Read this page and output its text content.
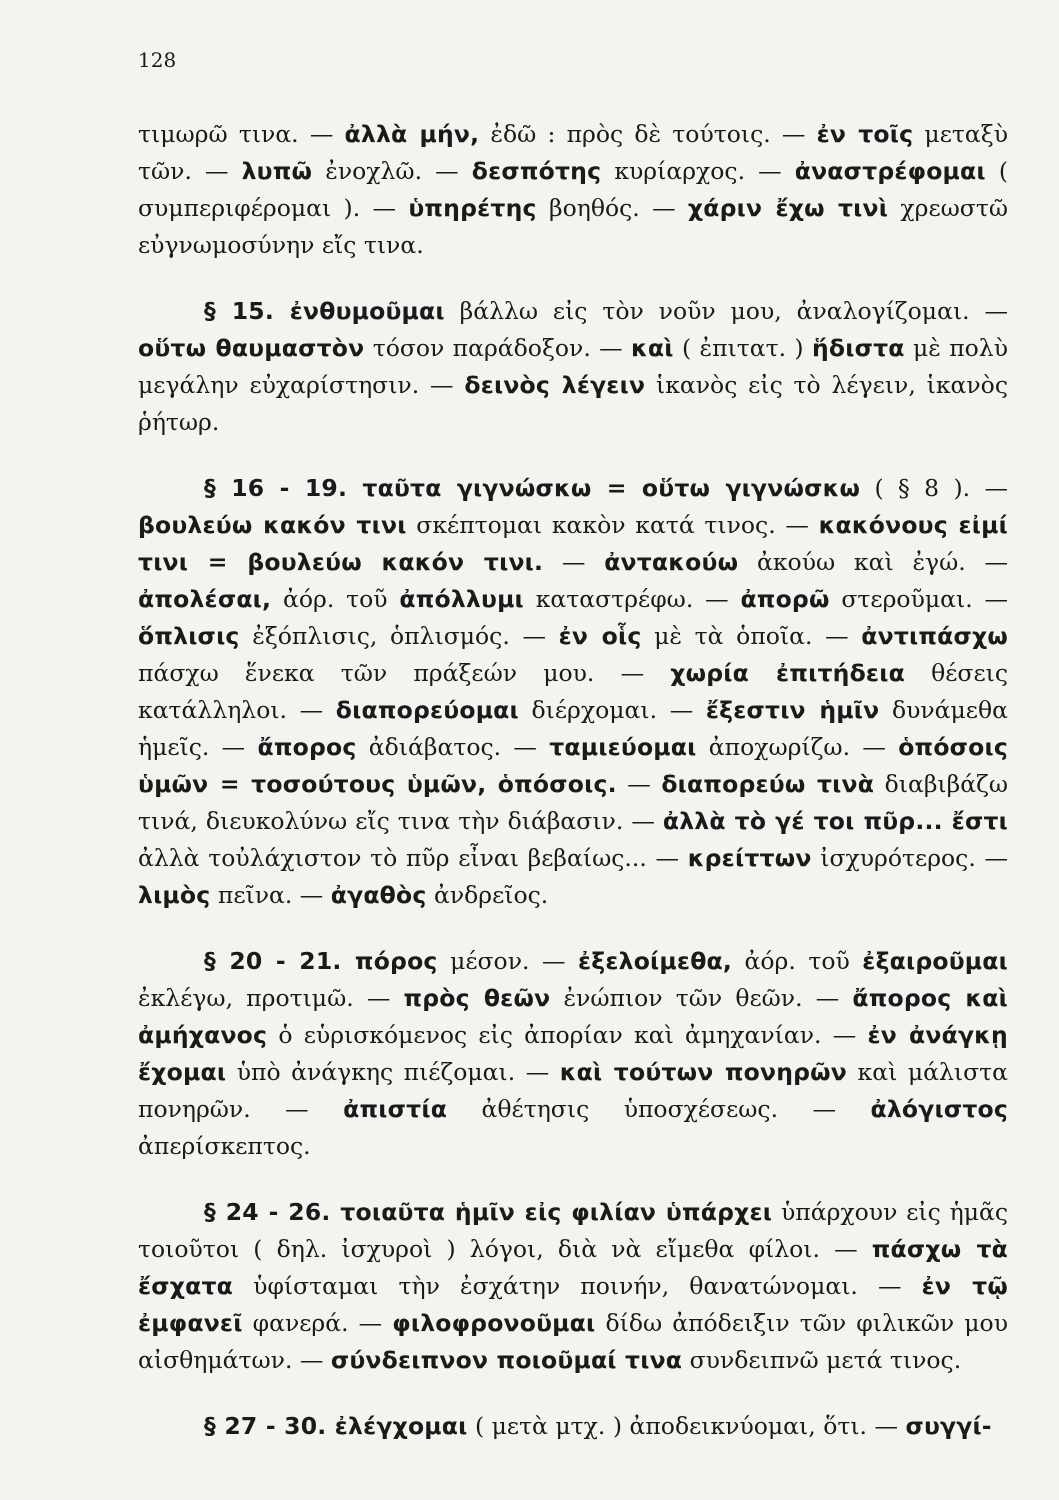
128

τιμωρῶ τινα. — ἀλλὰ μήν, ἐδῶ : πρὸς δὲ τούτοις. — ἐν τοῖς μεταξὺ τῶν. — λυπῶ ἐνοχλῶ. — δεσπότης κυρίαρχος. — ἀναστρέφομαι ( συμπεριφέρομαι ). — ὑπηρέτης βοηθός. — χάριν ἔχω τινὶ χρεωστῶ εὐγνωμοσύνην εἴς τινα.

§ 15. ἐνθυμοῦμαι βάλλω εἰς τὸν νοῦν μου, ἀναλογίζομαι. — οὕτω θαυμαστὸν τόσον παράδοξον. — καὶ ( ἐπιτατ. ) ἥδιστα μὲ πολὺ μεγάλην εὐχαρίστησιν. — δεινὸς λέγειν ἱκανὸς εἰς τὸ λέγειν, ἱκανὸς ῥήτωρ.

§ 16 - 19. ταῦτα γιγνώσκω = οὕτω γιγνώσκω ( § 8 ). — βουλεύω κακόν τινι σκέπτομαι κακὸν κατά τινος. — κακόνους εἰμί τινι = βουλεύω κακόν τινι. — ἀντακούω ἀκούω καὶ ἐγώ. — ἀπολέσαι, ἀόρ. τοῦ ἀπόλλυμι καταστρέφω. — ἀπορῶ στεροῦμαι. — ὅπλισις ἐξόπλισις, ὁπλισμός. — ἐν οἷς μὲ τὰ ὁποῖα. — ἀντιπάσχω πάσχω ἕνεκα τῶν πράξεών μου. — χωρία ἐπιτήδεια θέσεις κατάλληλοι. — διαπορεύομαι διέρχομαι. — ἔξεστιν ἡμῖν δυνάμεθα ἡμεῖς. — ἄπορος ἀδιάβατος. — ταμιεύομαι ἀποχωρίζω. — ὁπόσοις ὑμῶν = τοσούτους ὑμῶν, ὁπόσοις. — διαπορεύω τινὰ διαβιβάζω τινά, διευκολύνω εἴς τινα τὴν διάβασιν. — ἀλλὰ τὸ γέ τοι πῦρ... ἔστι ἀλλὰ τοὐλάχιστον τὸ πῦρ εἶναι βεβαίως... — κρείττων ἰσχυρότερος. — λιμὸς πεῖνα. — ἀγαθὸς ἀνδρεῖος.

§ 20 - 21. πόρος μέσον. — ἐξελοίμεθα, ἀόρ. τοῦ ἐξαιροῦμαι ἐκλέγω, προτιμῶ. — πρὸς θεῶν ἐνώπιον τῶν θεῶν. — ἄπορος καὶ ἀμήχανος ὁ εὑρισκόμενος εἰς ἀπορίαν καὶ ἀμηχανίαν. — ἐν ἀνάγκῃ ἔχομαι ὑπὸ ἀνάγκης πιέζομαι. — καὶ τούτων πονηρῶν καὶ μάλιστα πονηρῶν. — ἀπιστία ἀθέτησις ὑποσχέσεως. — ἀλόγιστος ἀπερίσκεπτος.

§ 24 - 26. τοιαῦτα ἡμῖν εἰς φιλίαν ὑπάρχει ὑπάρχουν εἰς ἡμᾶς τοιοῦτοι ( δηλ. ἰσχυροὶ ) λόγοι, διὰ νὰ εἴμεθα φίλοι. — πάσχω τὰ ἔσχατα ὑφίσταμαι τὴν ἐσχάτην ποινήν, θανατώνομαι. — ἐν τῷ ἐμφανεῖ φανερά. — φιλοφρονοῦμαι δίδω ἀπόδειξιν τῶν φιλικῶν μου αἰσθημάτων. — σύνδειπνον ποιοῦμαί τινα συνδειπνῶ μετά τινος.

§ 27 - 30. ἐλέγχομαι ( μετὰ μτχ. ) ἀποδεικνύομαι, ὅτι. — συγγί-
